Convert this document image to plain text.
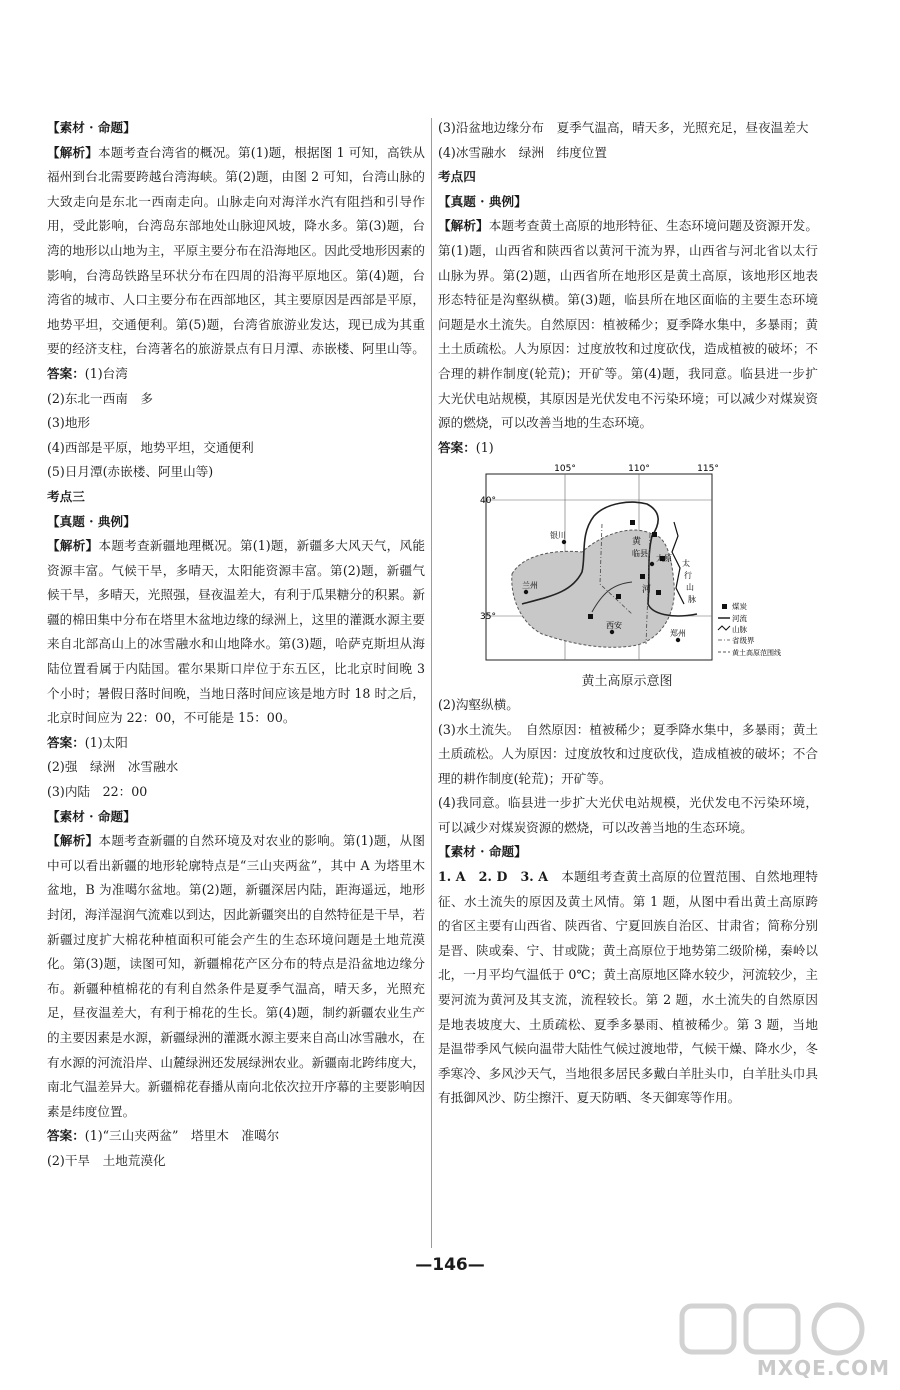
【素材 · 命题】

【解析】本题考查台湾省的概况。第(1)题，根据图 1 可知，高铁从福州到台北需要跨越台湾海峡。第(2)题，由图 2 可知，台湾山脉的大致走向是东北一西南走向。山脉走向对海洋水汽有阻挡和引导作用，受此影响，台湾岛东部地处山脉迎风坡，降水多。第(3)题，台湾的地形以山地为主，平原主要分布在沿海地区。因此受地形因素的影响，台湾岛铁路呈环状分布在四周的沿海平原地区。第(4)题，台湾省的城市、人口主要分布在西部地区，其主要原因是西部是平原，地势平坦，交通便利。第(5)题，台湾省旅游业发达，现已成为其重要的经济支柱，台湾著名的旅游景点有日月潭、赤嵌楼、阿里山等。

答案：(1)台湾

(2)东北一西南　多

(3)地形

(4)西部是平原，地势平坦，交通便利

(5)日月潭(赤嵌楼、阿里山等)

考点三

【真题 · 典例】

【解析】本题考查新疆地理概况。第(1)题，新疆多大风天气，风能资源丰富。气候干旱，多晴天，太阳能资源丰富。第(2)题，新疆气候干旱，多晴天，光照强，昼夜温差大，有利于瓜果糖分的积累。新疆的棉田集中分布在塔里木盆地边缘的绿洲上，这里的灌溉水源主要来自北部高山上的冰雪融水和山地降水。第(3)题，哈萨克斯坦从海陆位置看属于内陆国。霍尔果斯口岸位于东五区，比北京时间晚 3 个小时；暑假日落时间晚，当地日落时间应该是地方时 18 时之后，北京时间应为 22：00，不可能是 15：00。

答案：(1)太阳

(2)强　绿洲　冰雪融水

(3)内陆　22：00

【素材 · 命题】

【解析】本题考查新疆的自然环境及对农业的影响。第(1)题，从图中可以看出新疆的地形轮廓特点是“三山夹两盆”，其中 A 为塔里木盆地，B 为准噶尔盆地。第(2)题，新疆深居内陆，距海遥远，地形封闭，海洋湿润气流难以到达，因此新疆突出的自然特征是干旱，若新疆过度扩大棉花种植面积可能会产生的生态环境问题是土地荒漠化。第(3)题，读图可知，新疆棉花产区分布的特点是沿盆地边缘分布。新疆种植棉花的有利自然条件是夏季气温高，晴天多，光照充足，昼夜温差大，有利于棉花的生长。第(4)题，制约新疆农业生产的主要因素是水源，新疆绿洲的灌溉水源主要来自高山冰雪融水，在有水源的河流沿岸、山麓绿洲还发展绿洲农业。新疆南北跨纬度大，南北气温差异大。新疆棉花春播从南向北依次拉开序幕的主要影响因素是纬度位置。

答案：(1)“三山夹两盆”　塔里木　准噶尔

(2)干旱　土地荒漠化

(3)沿盆地边缘分布　夏季气温高，晴天多，光照充足，昼夜温差大

(4)冰雪融水　绿洲　纬度位置

考点四

【真题 · 典例】

【解析】本题考查黄土高原的地形特征、生态环境问题及资源开发。第(1)题，山西省和陕西省以黄河干流为界，山西省与河北省以太行山脉为界。第(2)题，山西省所在地形区是黄土高原，该地形区地表形态特征是沟壑纵横。第(3)题，临县所在地区面临的主要生态环境问题是水土流失。自然原因：植被稀少；夏季降水集中，多暴雨；黄土土质疏松。人为原因：过度放牧和过度砍伐，造成植被的破坏；不合理的耕作制度(轮荒)；开矿等。第(4)题，我同意。临县进一步扩大光伏电站规模，其原因是光伏发电不污染环境；可以减少对煤炭资源的燃烧，可以改善当地的生态环境。

答案：(1)

105°	110°	115°
40°
35°
银川
兰州
西安
郑州
太原
黄
临县
河
太
行
山
脉
煤炭
河流
山脉
省级界
黄土高原范围线
黄土高原示意图

(2)沟壑纵横。

(3)水土流失。　自然原因：植被稀少；夏季降水集中，多暴雨；黄土土质疏松。人为原因：过度放牧和过度砍伐，造成植被的破坏；不合理的耕作制度(轮荒)；开矿等。

(4)我同意。临县进一步扩大光伏电站规模，光伏发电不污染环境，可以减少对煤炭资源的燃烧，可以改善当地的生态环境。

【素材 · 命题】

1. A　2. D　3. A　本题组考查黄土高原的位置范围、自然地理特征、水土流失的原因及黄土风情。第 1 题，从图中看出黄土高原跨的省区主要有山西省、陕西省、宁夏回族自治区、甘肃省；简称分别是晋、陕或秦、宁、甘或陇；黄土高原位于地势第二级阶梯，秦岭以北，一月平均气温低于 0℃；黄土高原地区降水较少，河流较少，主要河流为黄河及其支流，流程较长。第 2 题，水土流失的自然原因是地表坡度大、土质疏松、夏季多暴雨、植被稀少。第 3 题，当地是温带季风气候向温带大陆性气候过渡地带，气候干燥、降水少，冬季寒冷、多风沙天气，当地很多居民多戴白羊肚头巾，白羊肚头巾具有抵御风沙、防尘擦汗、夏天防晒、冬天御寒等作用。

—146—
MXQE.COM
